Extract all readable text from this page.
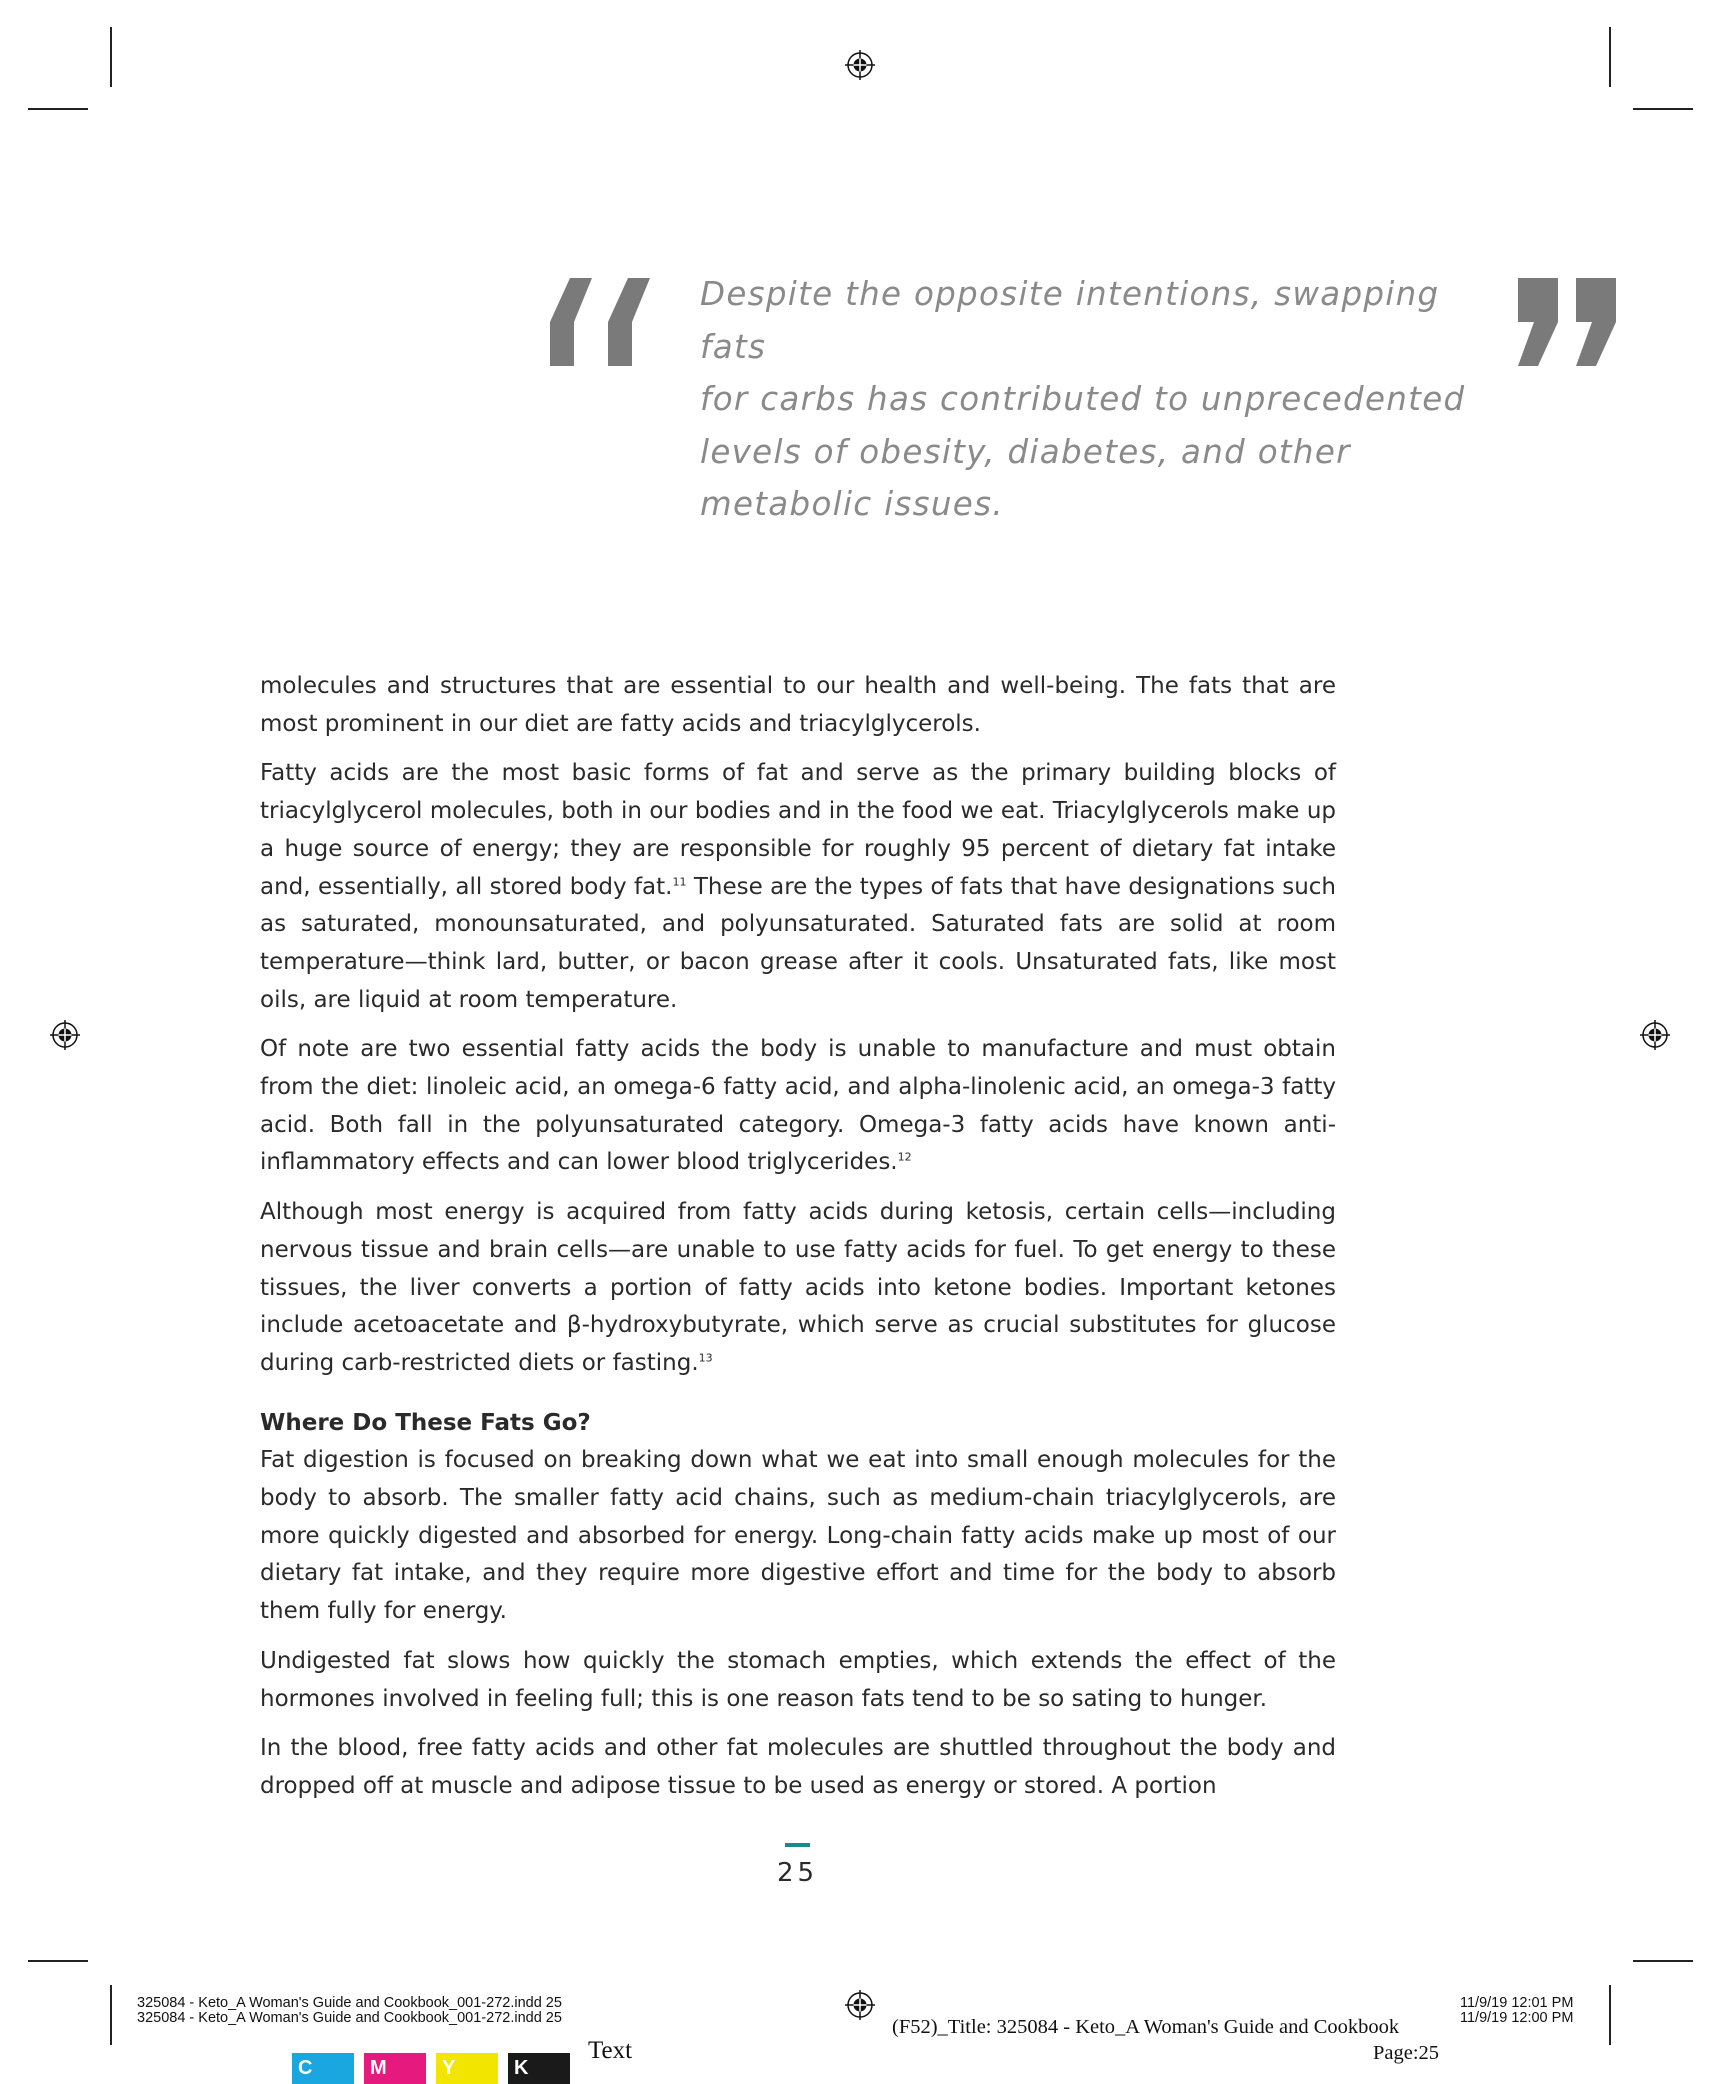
Despite the opposite intentions, swapping fats
for carbs has contributed to unprecedented
levels of obesity, diabetes, and other
metabolic issues.

molecules and structures that are essential to our health and well-being. The fats that are most prominent in our diet are fatty acids and triacylglycerols.

Fatty acids are the most basic forms of fat and serve as the primary building blocks of triacylglycerol molecules, both in our bodies and in the food we eat. Triacylglycerols make up a huge source of energy; they are responsible for roughly 95 percent of dietary fat intake and, essentially, all stored body fat.$^{11}$ These are the types of fats that have designations such as saturated, monounsaturated, and polyunsaturated. Saturated fats are solid at room temperature—think lard, butter, or bacon grease after it cools. Unsaturated fats, like most oils, are liquid at room temperature.

Of note are two essential fatty acids the body is unable to manufacture and must obtain from the diet: linoleic acid, an omega-6 fatty acid, and alpha-linolenic acid, an omega-3 fatty acid. Both fall in the polyunsaturated category. Omega-3 fatty acids have known anti-inflammatory effects and can lower blood triglycerides.$^{12}$

Although most energy is acquired from fatty acids during ketosis, certain cells—including nervous tissue and brain cells—are unable to use fatty acids for fuel. To get energy to these tissues, the liver converts a portion of fatty acids into ketone bodies. Important ketones include acetoacetate and β-hydroxybutyrate, which serve as crucial substitutes for glucose during carb-restricted diets or fasting.$^{13}$

Where Do These Fats Go?

Fat digestion is focused on breaking down what we eat into small enough molecules for the body to absorb. The smaller fatty acid chains, such as medium-chain triacylglycerols, are more quickly digested and absorbed for energy. Long-chain fatty acids make up most of our dietary fat intake, and they require more digestive effort and time for the body to absorb them fully for energy.

Undigested fat slows how quickly the stomach empties, which extends the effect of the hormones involved in feeling full; this is one reason fats tend to be so sating to hunger.

In the blood, free fatty acids and other fat molecules are shuttled throughout the body and dropped off at muscle and adipose tissue to be used as energy or stored. A portion

25
325084 - Keto_A Woman's Guide and Cookbook_001-272.indd 25
325084 - Keto_A Woman's Guide and Cookbook_001-272.indd 25
C	M	Y	K
Text
(F52)_Title: 325084 - Keto_A Woman's Guide and Cookbook
Page:25
11/9/19 12:01 PM
11/9/19 12:00 PM
